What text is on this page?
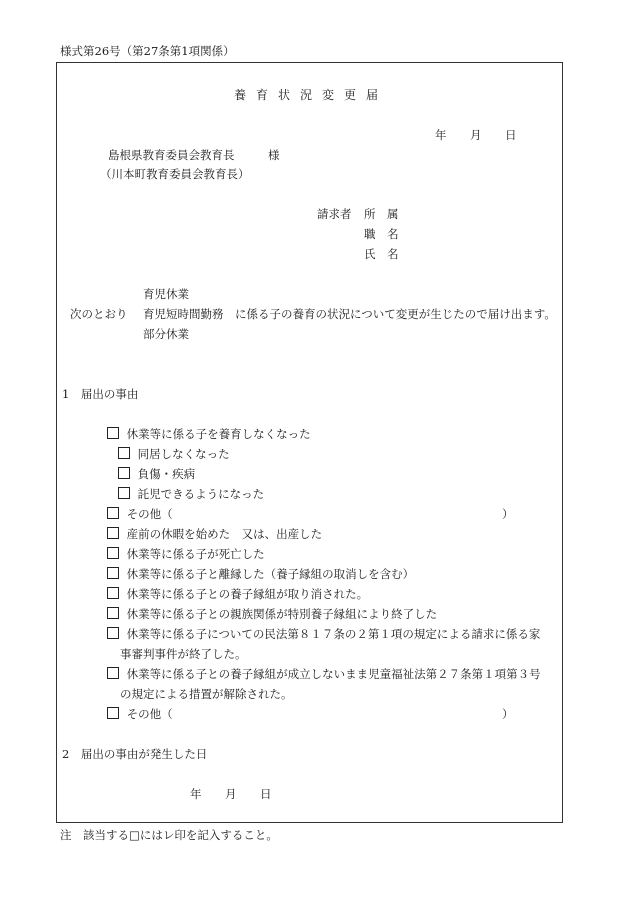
様式第26号（第27条第1項関係）
養育状況変更届
年 月 日
島根県教育委員会教育長	様
（川本町教育委員会教育長）
請求者 所　属
職　名
氏　名
育児休業
次のとおり 育児短時間勤務 に係る子の養育の状況について変更が生じたので届け出ます。
部分休業
1　届出の事由
休業等に係る子を養育しなくなった
同居しなくなった
負傷・疾病
託児できるようになった
その他（	）
産前の休暇を始めた　又は、出産した
休業等に係る子が死亡した
休業等に係る子と離縁した（養子縁組の取消しを含む）
休業等に係る子との養子縁組が取り消された。
休業等に係る子との親族関係が特別養子縁組により終了した
休業等に係る子についての民法第８１７条の２第１項の規定による請求に係る家
事審判事件が終了した。
休業等に係る子との養子縁組が成立しないまま児童福祉法第２７条第１項第３号
の規定による措置が解除された。
その他（	）
2　届出の事由が発生した日
年 月 日
注　該当する□にはレ印を記入すること。
